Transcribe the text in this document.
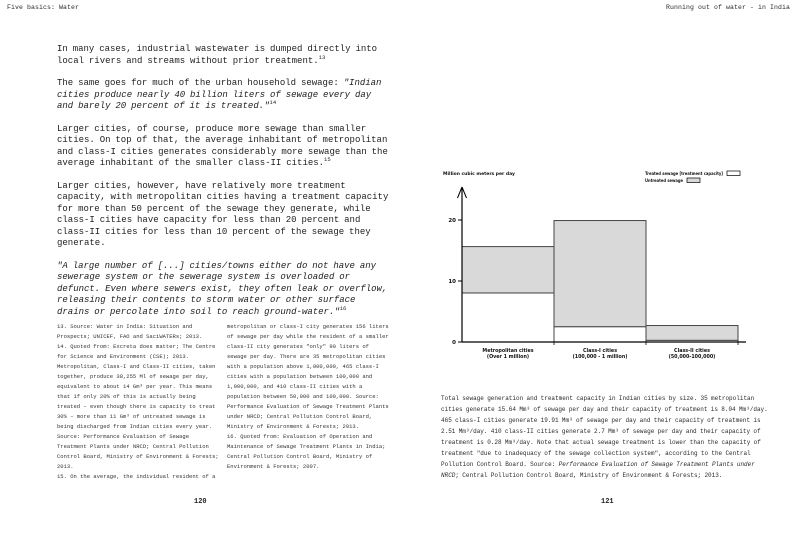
Five basics: Water	Running out of water - in India

In many cases, industrial wastewater is dumped directly into local rivers and streams without prior treatment.$^{13}$

The same goes for much of the urban household sewage: "Indian cities produce nearly 40 billion liters of sewage every day and barely 20 percent of it is treated."$^{14}$

Larger cities, of course, produce more sewage than smaller cities. On top of that, the average inhabitant of metropolitan and class-I cities generates considerably more sewage than the average inhabitant of the smaller class-II cities.$^{15}$

Larger cities, however, have relatively more treatment capacity, with metropolitan cities having a treatment capacity for more than 50 percent of the sewage they generate, while class-I cities have capacity for less than 20 percent and class-II cities for less than 10 percent of the sewage they generate.

"A large number of [...] cities/towns either do not have any sewerage system or the sewerage system is overloaded or defunct. Even where sewers exist, they often leak or overflow, releasing their contents to storm water or other surface drains or percolate into soil to reach ground-water."$^{16}$

13. Source: Water in India: Situation and Prospects; UNICEF, FAO and SaciWATERs; 2013.
14. Quoted from: Excreta does matter; The Centre for Science and Environment (CSE); 2013. Metropolitan, Class-I and Class-II cities, taken together, produce 38,255 Ml of sewage per day, equivalent to about 14 Gm³ per year. This means that if only 20% of this is actually being treated – even though there is capacity to treat 30% – more than 11 Gm³ of untreated sewage is being discharged from Indian cities every year. Source: Performance Evaluation of Sewage Treatment Plants under NRCD; Central Pollution Control Board, Ministry of Environment & Forests; 2013.
15. On the average, the individual resident of a
metropolitan or class-I city generates 156 liters of sewage per day while the resident of a smaller class-II city generates "only" 90 liters of sewage per day. There are 35 metropolitan cities with a population above 1,000,000, 465 class-I cities with a population between 100,000 and 1,000,000, and 410 class-II cities with a population between 50,000 and 100,000. Source: Performance Evaluation of Sewage Treatment Plants under NRCD; Central Pollution Control Board, Ministry of Environment & Forests; 2013.
16. Quoted from: Evaluation of Operation and Maintenance of Sewage Treatment Plants in India; Central Pollution Control Board, Ministry of Environment & Forests; 2007.
120
Metropolitan cities
(Over 1 million)
Class-I cities
(100,000 - 1 million)
Class-II cities
(50,000-100,000)
0
10
20
Million cubic meters per day	Treated sewage [treatment capacity]
Untreated sewage

Total sewage generation and treatment capacity in Indian cities by size. 35 metropolitan cities generate 15.64 Mm³ of sewage per day and their capacity of treatment is 8.04 Mm³/day. 465 class-I cities generate 19.91 Mm³ of sewage per day and their capacity of treatment is 2.51 Mm³/day. 410 class-II cities generate 2.7 Mm³ of sewage per day and their capacity of treatment is 0.28 Mm³/day. Note that actual sewage treatment is lower than the capacity of treatment "due to inadequacy of the sewage collection system", according to the Central Pollution Control Board. Source: Performance Evaluation of Sewage Treatment Plants under NRCD; Central Pollution Control Board, Ministry of Environment & Forests; 2013.

121
